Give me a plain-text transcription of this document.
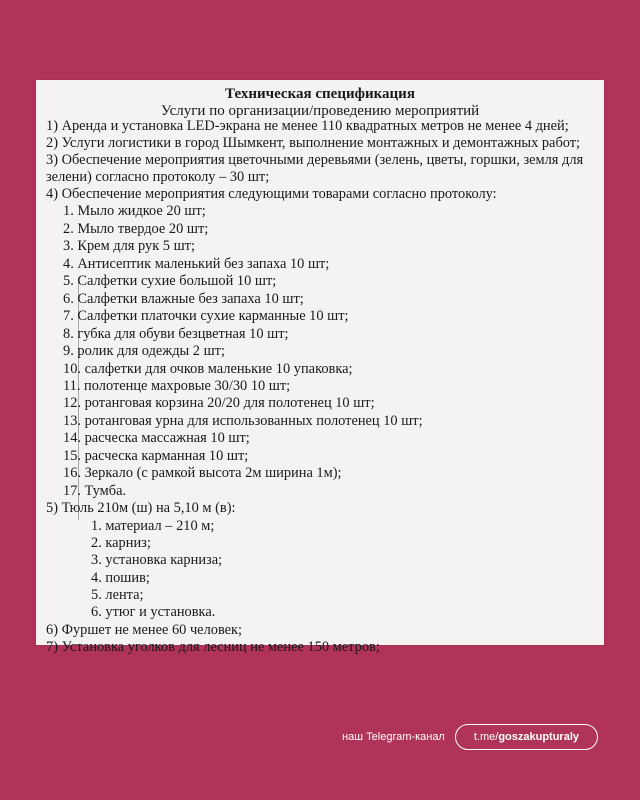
Техническая спецификация
Услуги по организации/проведению мероприятий
1) Аренда и установка LED-экрана не менее 110 квадратных метров не менее 4 дней;
2) Услуги логистики в город Шымкент, выполнение монтажных и демонтажных работ;
3) Обеспечение мероприятия цветочными деревьями (зелень, цветы, горшки, земля для
зелени) согласно протоколу – 30 шт;
4) Обеспечение мероприятия следующими товарами согласно протоколу:
1. Мыло жидкое 20 шт;
2. Мыло твердое 20 шт;
3. Крем для рук 5 шт;
4. Антисептик маленький без запаха 10 шт;
5. Салфетки сухие большой 10 шт;
6. Салфетки влажные без запаха 10 шт;
7. Салфетки платочки сухие карманные 10 шт;
8. губка для обуви безцветная 10 шт;
9. ролик для одежды 2 шт;
10. салфетки для очков маленькие 10 упаковка;
11. полотенце махровые 30/30 10 шт;
12. ротанговая корзина 20/20 для полотенец 10 шт;
13. ротанговая урна для использованных полотенец 10 шт;
14. расческа массажная 10 шт;
15. расческа карманная 10 шт;
16. Зеркало (с рамкой высота 2м ширина 1м);
17. Тумба.
5) Тюль 210м (ш) на 5,10 м (в):
1. материал – 210 м;
2. карниз;
3. установка карниза;
4. пошив;
5. лента;
6. утюг и установка.
6) Фуршет не менее 60 человек;
7) Установка уголков для лесниц не менее 150 метров;
наш Telegram-канал	t.me/goszakupturaly
